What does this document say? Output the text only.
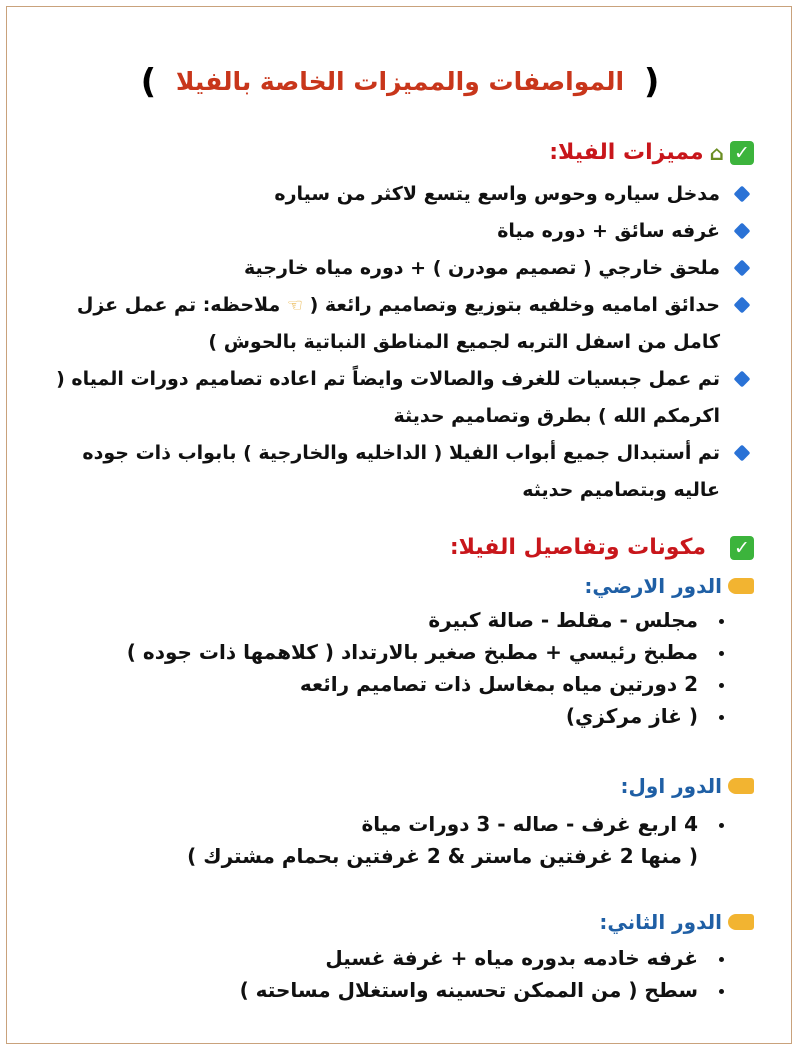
( المواصفات والمميزات الخاصة بالفيلا )
✓
⌂
مميزات الفيلا:
مدخل سياره وحوس واسع يتسع لاكثر من سياره
غرفه سائق + دوره مياة
ملحق خارجي ( تصميم مودرن ) + دوره مياه خارجية
حدائق اماميه وخلفيه بتوزيع وتصاميم رائعة ( ☜ ملاحظه: تم عمل عزل كامل من اسفل التربه لجميع المناطق النباتية بالحوش )
تم عمل جبسيات للغرف والصالات وايضاً تم اعاده تصاميم دورات المياه ( اكرمكم الله ) بطرق وتصاميم حديثة
تم أستبدال جميع أبواب الفيلا ( الداخليه والخارجية ) بابواب ذات جوده عاليه وبتصاميم حديثه
✓
مكونات وتفاصيل الفيلا:
الدور الارضي:
مجلس - مقلط - صالة كبيرة
مطبخ رئيسي + مطبخ صغير بالارتداد ( كلاهمها ذات جوده )
2 دورتين مياه بمغاسل ذات تصاميم رائعه
( غاز مركزي)
الدور اول:
4 اربع غرف - صاله - 3 دورات مياة
( منها 2 غرفتين ماستر & 2 غرفتين بحمام مشترك )
الدور الثاني:
غرفه خادمه بدوره مياه + غرفة غسيل
سطح ( من الممكن تحسينه واستغلال مساحته )
